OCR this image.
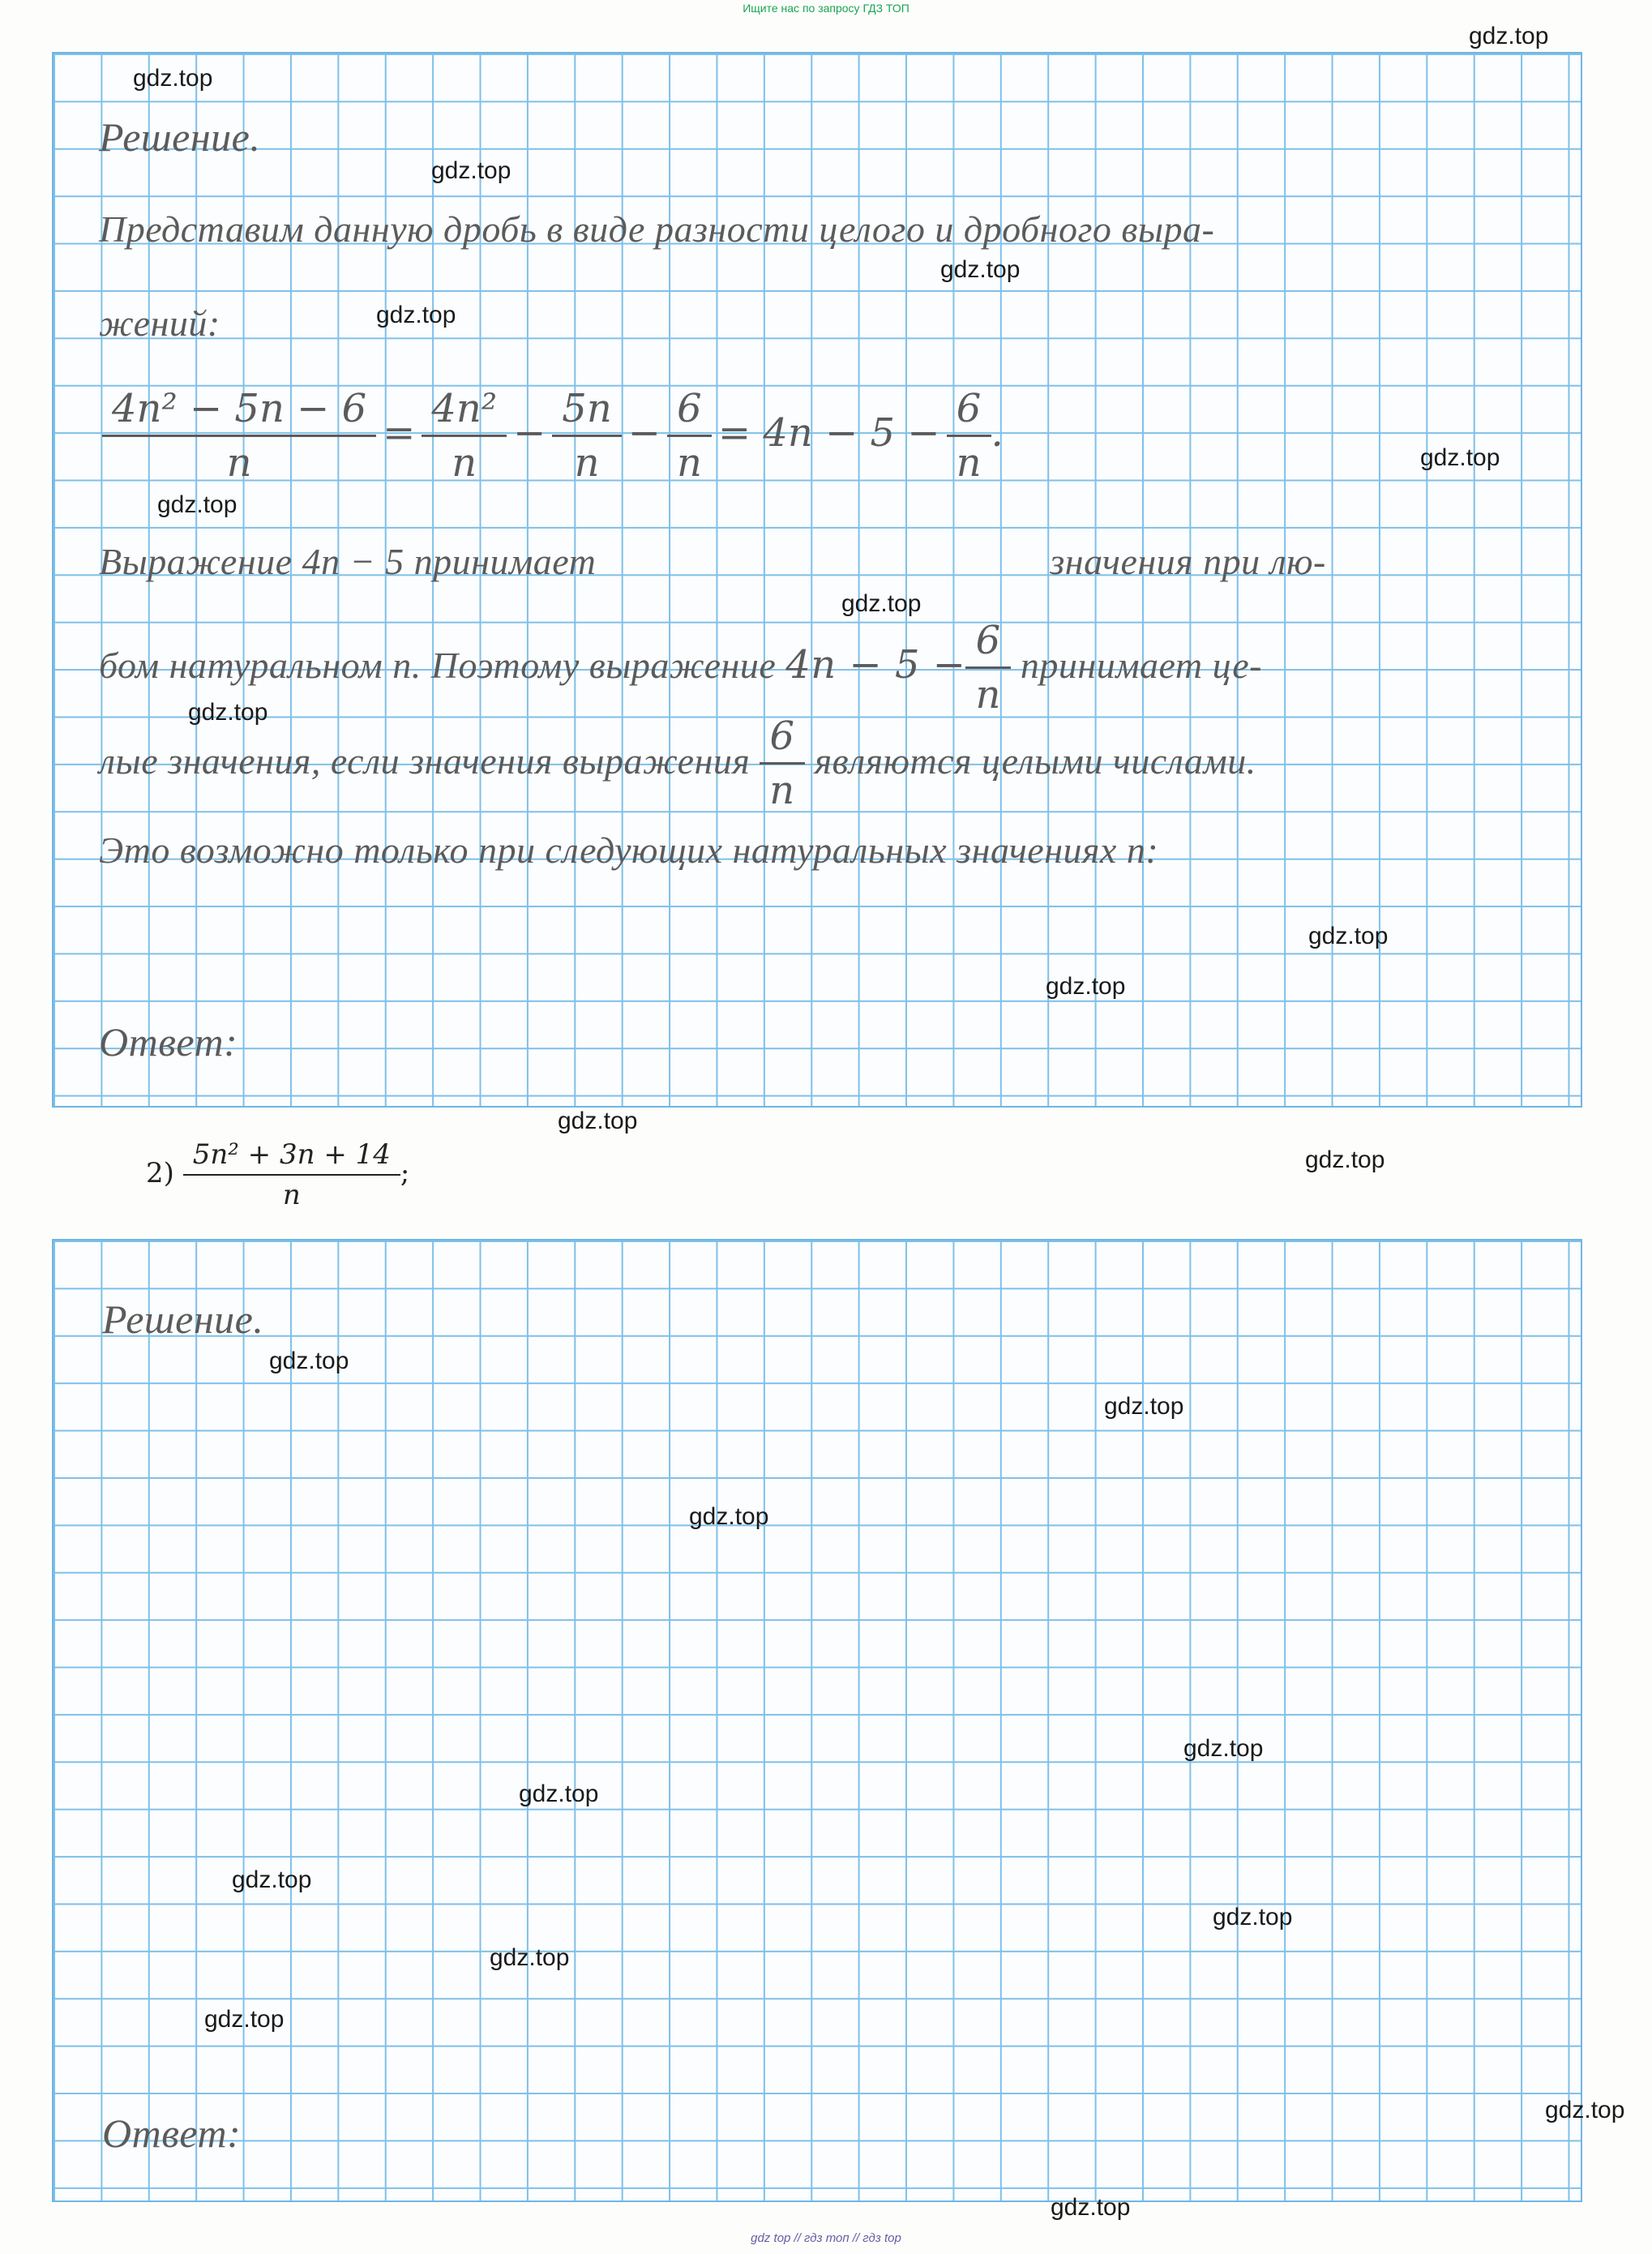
Ищите нас по запросу ГДЗ ТОП
Решение.
Представим данную дробь в виде разности целого и дробного выра-
жений:
$\frac{\text{4n² − 5n − 6}}{n} = \frac{\text{4n²}}{n} - \frac{5n}{n} - \frac{6}{n} = 4n - 5 - \frac{6}{n}$ .
Выражение 4n − 5 принимает	значения при лю-
бом натуральном n. Поэтому выражение $4n - 5 - \frac{6}{n}$ принимает це-
лые значения, если значения выражения $\frac{6}{n}$ являются целыми числами.
Это возможно только при следующих натуральных значениях n:
Ответ:
$2) \frac{\text{5n² + 3n + 14}}{n}$ ;
Решение.
Ответ:
gdz.top
gdz.top
gdz.top
gdz.top
gdz.top
gdz.top
gdz.top
gdz.top
gdz.top
gdz.top
gdz.top
gdz.top
gdz.top
gdz.top
gdz.top
gdz.top
gdz.top
gdz.top
gdz.top
gdz.top
gdz.top
gdz.top
gdz.top
gdz.top
gdz top // гдз топ // гдз top
